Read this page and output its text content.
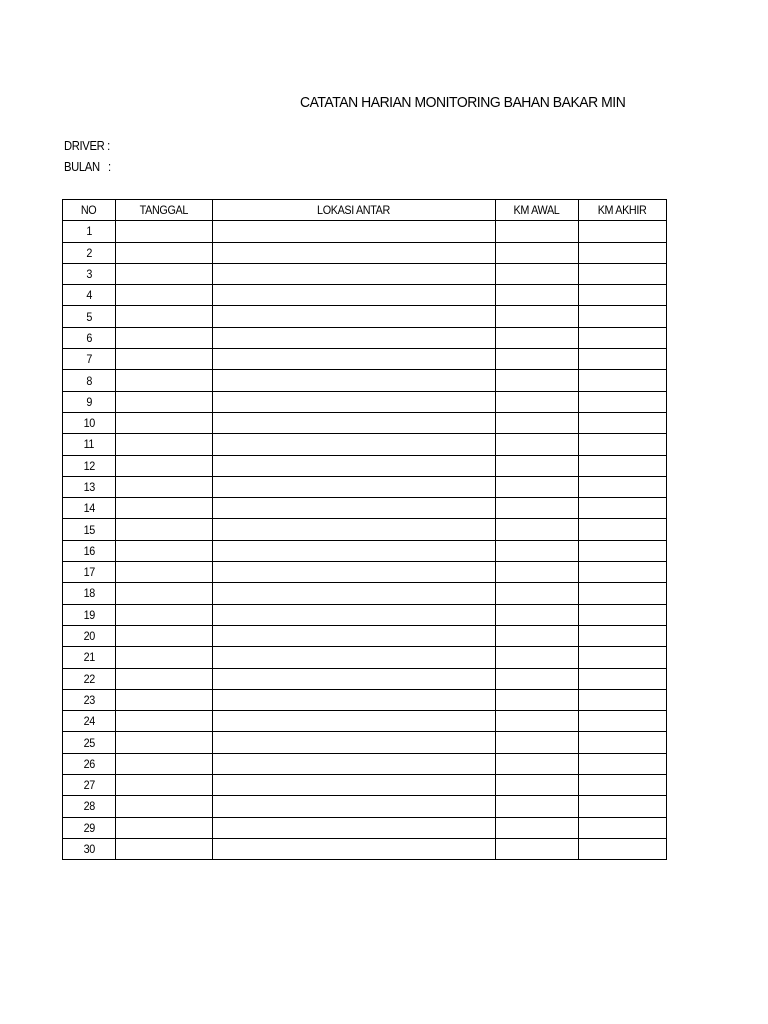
CATATAN HARIAN MONITORING BAHAN BAKAR MIN
DRIVER :
BULAN   :
NO	TANGGAL	LOKASI ANTAR	KM AWAL	KM AKHIR
1				
2				
3				
4				
5				
6				
7				
8				
9				
10				
11				
12				
13				
14				
15				
16				
17				
18				
19				
20				
21				
22				
23				
24				
25				
26				
27				
28				
29				
30				
